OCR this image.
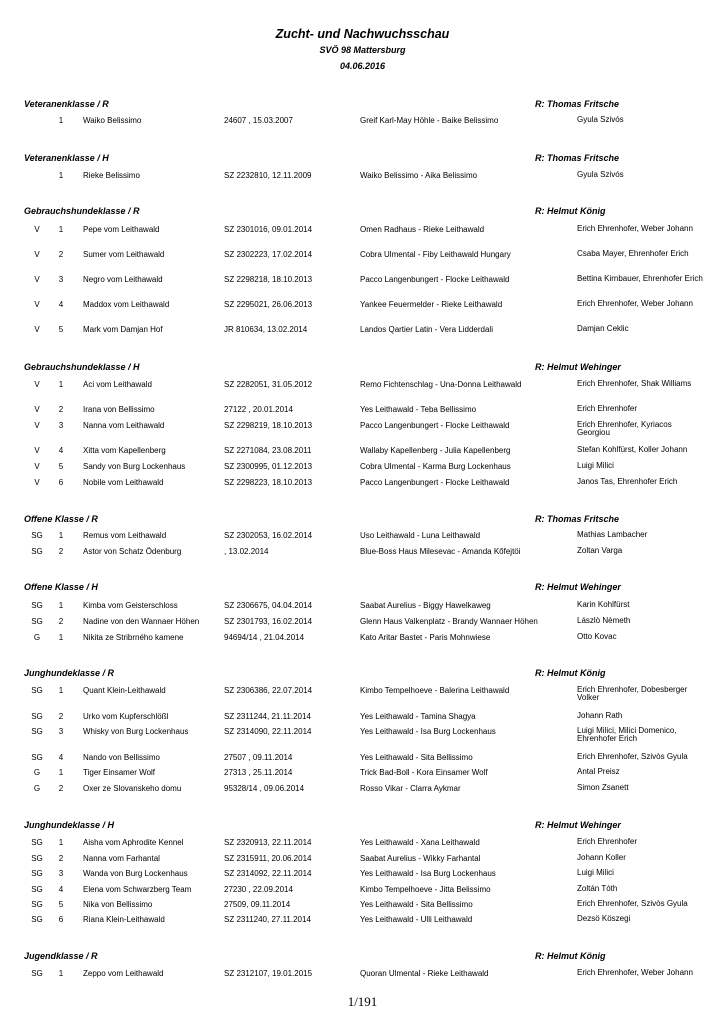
Zucht- und Nachwuchsschau
SVÖ 98 Mattersburg
04.06.2016
Veteranenklasse / R	R: Thomas Fritsche
1	Waiko Belissimo	24607 , 15.03.2007	Greif Karl-May Höhle - Baike Belissimo	Gyula Szivós
Veteranenklasse / H	R: Thomas Fritsche
1	Rieke Belissimo	SZ 2232810, 12.11.2009	Waiko Belissimo - Aika Belissimo	Gyula Szivós
Gebrauchshundeklasse / R	R: Helmut König
V	1	Pepe vom Leithawald	SZ 2301016, 09.01.2014	Omen Radhaus - Rieke Leithawald	Erich Ehrenhofer, Weber Johann
V	2	Sumer vom Leithawald	SZ 2302223, 17.02.2014	Cobra Ulmental - Fiby Leithawald Hungary	Csaba Mayer, Ehrenhofer Erich
V	3	Negro vom Leithawald	SZ 2298218, 18.10.2013	Pacco Langenbungert - Flocke Leithawald	Bettina Kirnbauer, Ehrenhofer Erich
V	4	Maddox vom Leithawald	SZ 2295021, 26.06.2013	Yankee Feuermelder - Rieke Leithawald	Erich Ehrenhofer, Weber Johann
V	5	Mark vom Damjan Hof	JR 810634, 13.02.2014	Landos Qartier Latin - Vera Lidderdali	Damjan Ceklic
Gebrauchshundeklasse / H	R: Helmut Wehinger
V	1	Aci vom Leithawald	SZ 2282051, 31.05.2012	Remo Fichtenschlag - Una-Donna Leithawald	Erich Ehrenhofer, Shak Williams
V	2	Irana von Bellissimo	27122 , 20.01.2014	Yes Leithawald - Teba Bellissimo	Erich Ehrenhofer
V	3	Nanna vom Leithawald	SZ 2298219, 18.10.2013	Pacco Langenbungert - Flocke Leithawald	Erich Ehrenhofer, Kyriacos Georgiou
V	4	Xitta vom Kapellenberg	SZ 2271084, 23.08.2011	Wallaby Kapellenberg - Julia Kapellenberg	Stefan Kohlfürst, Koller Johann
V	5	Sandy von Burg Lockenhaus	SZ 2300995, 01.12.2013	Cobra Ulmental - Karma Burg Lockenhaus	Luigi Milici
V	6	Nobile vom Leithawald	SZ 2298223, 18.10.2013	Pacco Langenbungert - Flocke Leithawald	Janos Tas, Ehrenhofer Erich
Offene Klasse / R	R: Thomas Fritsche
SG	1	Remus vom Leithawald	SZ 2302053, 16.02.2014	Uso Leithawald - Luna Leithawald	Mathias Lambacher
SG	2	Astor von Schatz Ödenburg	, 13.02.2014	Blue-Boss Haus Milesevac - Amanda Kőfejtöi	Zoltan Varga
Offene Klasse / H	R: Helmut Wehinger
SG	1	Kimba vom Geisterschloss	SZ 2306675, 04.04.2014	Saabat Aurelius - Biggy Hawelkaweg	Karin Kohlfürst
SG	2	Nadine von den Wannaer Höhen	SZ 2301793, 16.02.2014	Glenn Haus Valkenplatz - Brandy Wannaer Höhen	Lászlò Nèmeth
G	1	Nikita ze Stribrného kamene	94694/14 , 21.04.2014	Kato Aritar Bastet - Paris Mohnwiese	Otto Kovac
Junghundeklasse / R	R: Helmut König
SG	1	Quant Klein-Leithawald	SZ 2306386, 22.07.2014	Kimbo Tempelhoeve - Balerina Leithawald	Erich Ehrenhofer, Dobesberger Volker
SG	2	Urko vom Kupferschlößl	SZ 2311244, 21.11.2014	Yes Leithawald - Tamina Shagya	Johann Rath
SG	3	Whisky von Burg Lockenhaus	SZ 2314090, 22.11.2014	Yes Leithawald - Isa Burg Lockenhaus	Luigi Milici, Milici Domenico, Ehrenhofer Erich
SG	4	Nando von Bellissimo	27507 , 09.11.2014	Yes Leithawald - Sita Bellissimo	Erich Ehrenhofer, Szivòs Gyula
G	1	Tiger Einsamer Wolf	27313 , 25.11.2014	Trick Bad-Boll - Kora Einsamer Wolf	Antal Preisz
G	2	Oxer ze Slovanskeho domu	95328/14 , 09.06.2014	Rosso Vikar - Clarra Aykmar	Simon Zsanett
Junghundeklasse / H	R: Helmut Wehinger
SG	1	Aisha vom Aphrodite Kennel	SZ 2320913, 22.11.2014	Yes Leithawald - Xana Leithawald	Erich Ehrenhofer
SG	2	Nanna vom Farhantal	SZ 2315911, 20.06.2014	Saabat Aurelius - Wikky Farhantal	Johann Koller
SG	3	Wanda von Burg Lockenhaus	SZ 2314092, 22.11.2014	Yes Leithawald - Isa Burg Lockenhaus	Luigi Milici
SG	4	Elena vom Schwarzberg Team	27230 , 22.09.2014	Kimbo Tempelhoeve - Jitta Belissimo	Zoltán Tóth
SG	5	Nika von Bellissimo	27509, 09.11.2014	Yes Leithawald - Sita Bellissimo	Erich Ehrenhofer, Szivòs Gyula
SG	6	Riana Klein-Leithawald	SZ 2311240, 27.11.2014	Yes Leithawald - Ulli Leithawald	Dezsö Köszegi
Jugendklasse / R	R: Helmut König
SG	1	Zeppo vom Leithawald	SZ 2312107, 19.01.2015	Quoran Ulmental - Rieke Leithawald	Erich Ehrenhofer, Weber Johann
1/191
